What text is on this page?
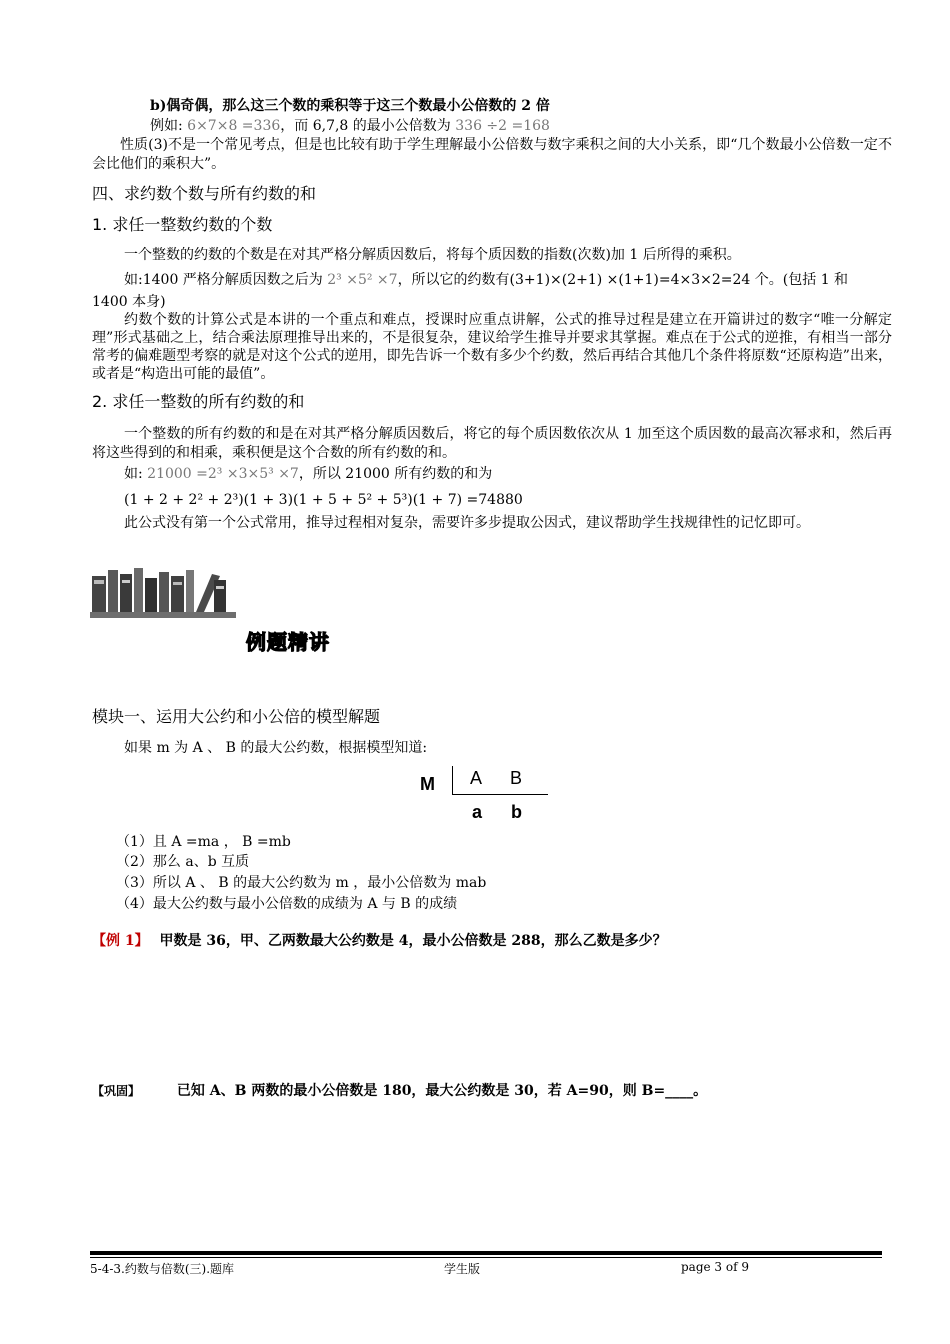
b)偶奇偶，那么这三个数的乘积等于这三个数最小公倍数的 2 倍
例如: 6×7×8 =336，而 6,7,8 的最小公倍数为 336 ÷2 =168
性质(3)不是一个常见考点，但是也比较有助于学生理解最小公倍数与数字乘积之间的大小关系，即“几个数最小公倍数一定不会比他们的乘积大”。
四、求约数个数与所有约数的和
1. 求任一整数约数的个数
一个整数的约数的个数是在对其严格分解质因数后，将每个质因数的指数(次数)加 1 后所得的乘积。
如:1400 严格分解质因数之后为 2³ ×5² ×7，所以它的约数有(3+1)×(2+1) ×(1+1)=4×3×2=24 个。(包括 1 和
1400 本身)
约数个数的计算公式是本讲的一个重点和难点，授课时应重点讲解，公式的推导过程是建立在开篇讲过的数字“唯一分解定理”形式基础之上，结合乘法原理推导出来的，不是很复杂，建议给学生推导并要求其掌握。难点在于公式的逆推，有相当一部分常考的偏难题型考察的就是对这个公式的逆用，即先告诉一个数有多少个约数，然后再结合其他几个条件将原数“还原构造”出来，或者是“构造出可能的最值”。
2. 求任一整数的所有约数的和
一个整数的所有约数的和是在对其严格分解质因数后，将它的每个质因数依次从 1 加至这个质因数的最高次幂求和，然后再将这些得到的和相乘，乘积便是这个合数的所有约数的和。
如: 21000 =2³ ×3×5³ ×7，所以 21000 所有约数的和为
(1 + 2 + 2² + 2³)(1 + 3)(1 + 5 + 5² + 5³)(1 + 7) =74880
此公式没有第一个公式常用，推导过程相对复杂，需要许多步提取公因式，建议帮助学生找规律性的记忆即可。
例题精讲
模块一、运用大公约和小公倍的模型解题
如果 m 为 A 、 B 的最大公约数，根据模型知道:
M A B
a b
（1）且 A =ma ， B =mb
（2）那么 a、b 互质
（3）所以 A 、 B 的最大公约数为 m ，最小公倍数为 mab
（4）最大公约数与最小公倍数的成绩为 A 与 B 的成绩
【例 1】 甲数是 36，甲、乙两数最大公约数是 4，最小公倍数是 288，那么乙数是多少？
【巩固】	已知 A、B 两数的最小公倍数是 180，最大公约数是 30，若 A=90，则 B=____。
5-4-3.约数与倍数(三).题库	学生版	page 3 of 9
